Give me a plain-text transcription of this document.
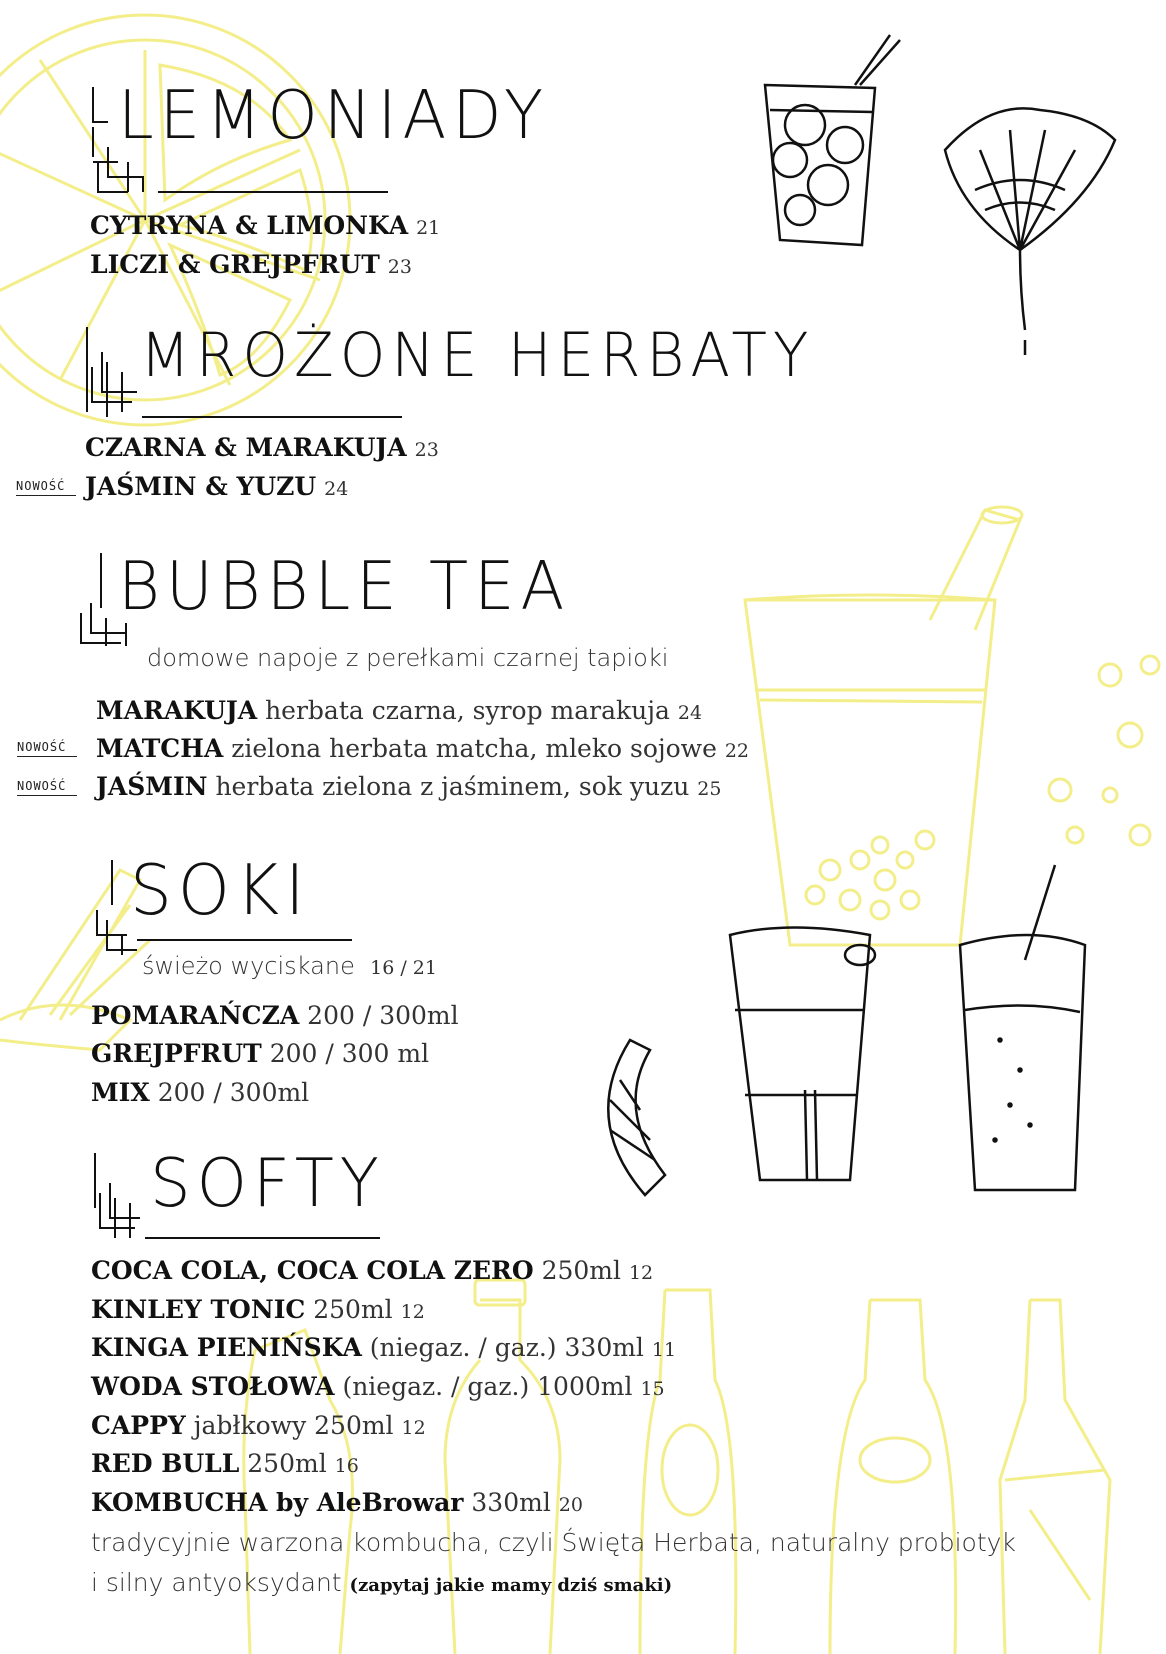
LEMONIADY
CYTRYNA & LIMONKA 21
LICZI & GREJPFRUT 23
MROŻONE HERBATY
CZARNA & MARAKUJA 23
NOWOŚĆ JAŚMIN & YUZU 24
BUBBLE TEA
domowe napoje z perełkami czarnej tapioki
MARAKUJA herbata czarna, syrop marakuja 24
NOWOŚĆ	MATCHA zielona herbata matcha, mleko sojowe 22
NOWOŚĆ	JAŚMIN herbata zielona z jaśminem, sok yuzu 25
SOKI
świeżo wyciskane 16 / 21
POMARAŃCZA 200 / 300ml
GREJPFRUT 200 / 300 ml
MIX 200 / 300ml
SOFTY
COCA COLA, COCA COLA ZERO 250ml 12
KINLEY TONIC 250ml 12
KINGA PIENIŃSKA (niegaz. / gaz.) 330ml 11
WODA STOŁOWA (niegaz. / gaz.) 1000ml 15
CAPPY jabłkowy 250ml 12
RED BULL 250ml 16
KOMBUCHA by AleBrowar 330ml 20
tradycyjnie warzona kombucha, czyli Święta Herbata, naturalny probiotyk
i silny antyoksydant (zapytaj jakie mamy dziś smaki)
